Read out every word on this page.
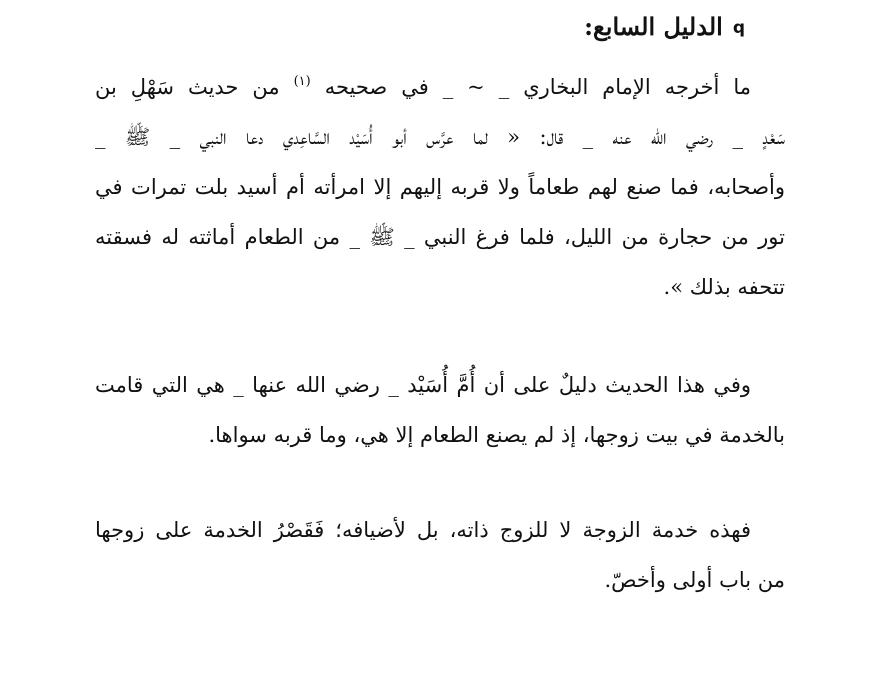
qالدليل السابع:
ما أخرجه الإمام البخاري _ ~ _ في صحيحه $^{(١)}$ من حديث سَهْلِ بن
سَعْدٍ _ رضي الله عنه _ قال: « لما عرَّس أبو أُسَيْد السَّاعِدي دعا النبي _ ﷺ _
وأصحابه، فما صنع لهم طعاماً ولا قربه إليهم إلا امرأته أم أسيد بلت تمرات في
تور من حجارة من الليل، فلما فرغ النبي _ ﷺ _ من الطعام أماثته له فسقته
تتحفه بذلك ».
وفي هذا الحديث دليلٌ على أن أُمَّ أُسَيْد _ رضي الله عنها _ هي التي قامت
بالخدمة في بيت زوجها، إذ لم يصنع الطعام إلا هي، وما قربه سواها.
فهذه خدمة الزوجة لا للزوج ذاته، بل لأضيافه؛ فَقَصْرُ الخدمة على زوجها
من باب أولى وأخصّ.
